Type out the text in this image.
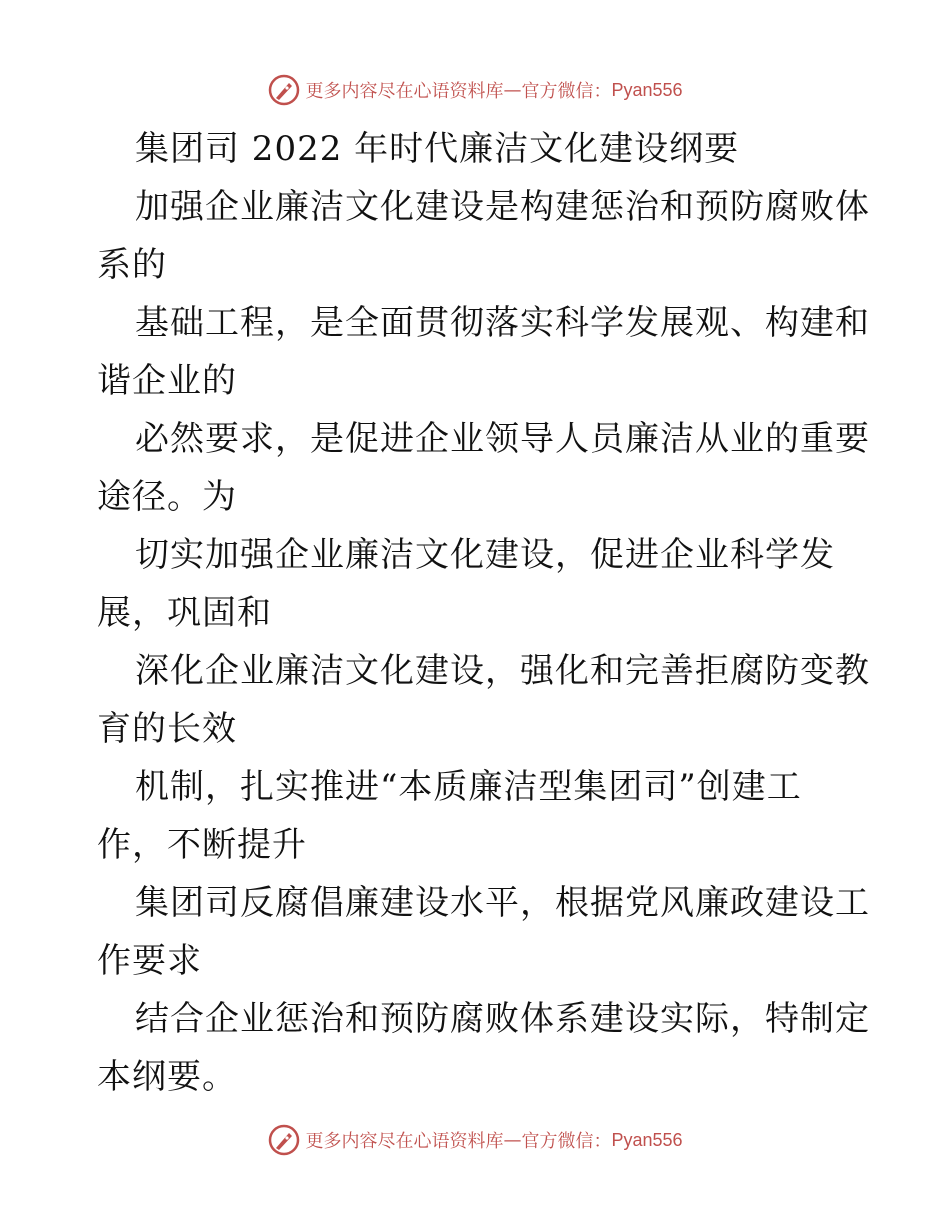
更多内容尽在心语资料库 — 官方微信： Pyan556
集团司 2022 年时代廉洁文化建设纲要
加强企业廉洁文化建设是构建惩治和预防腐败体
系的
基础工程，是全面贯彻落实科学发展观、构建和
谐企业的
必然要求，是促进企业领导人员廉洁从业的重要
途径。为
切实加强企业廉洁文化建设，促进企业科学发
展，巩固和
深化企业廉洁文化建设，强化和完善拒腐防变教
育的长效
机制，扎实推进“本质廉洁型集团司”创建工
作，不断提升
集团司反腐倡廉建设水平，根据党风廉政建设工
作要求
结合企业惩治和预防腐败体系建设实际，特制定
本纲要。
更多内容尽在心语资料库 — 官方微信： Pyan556
